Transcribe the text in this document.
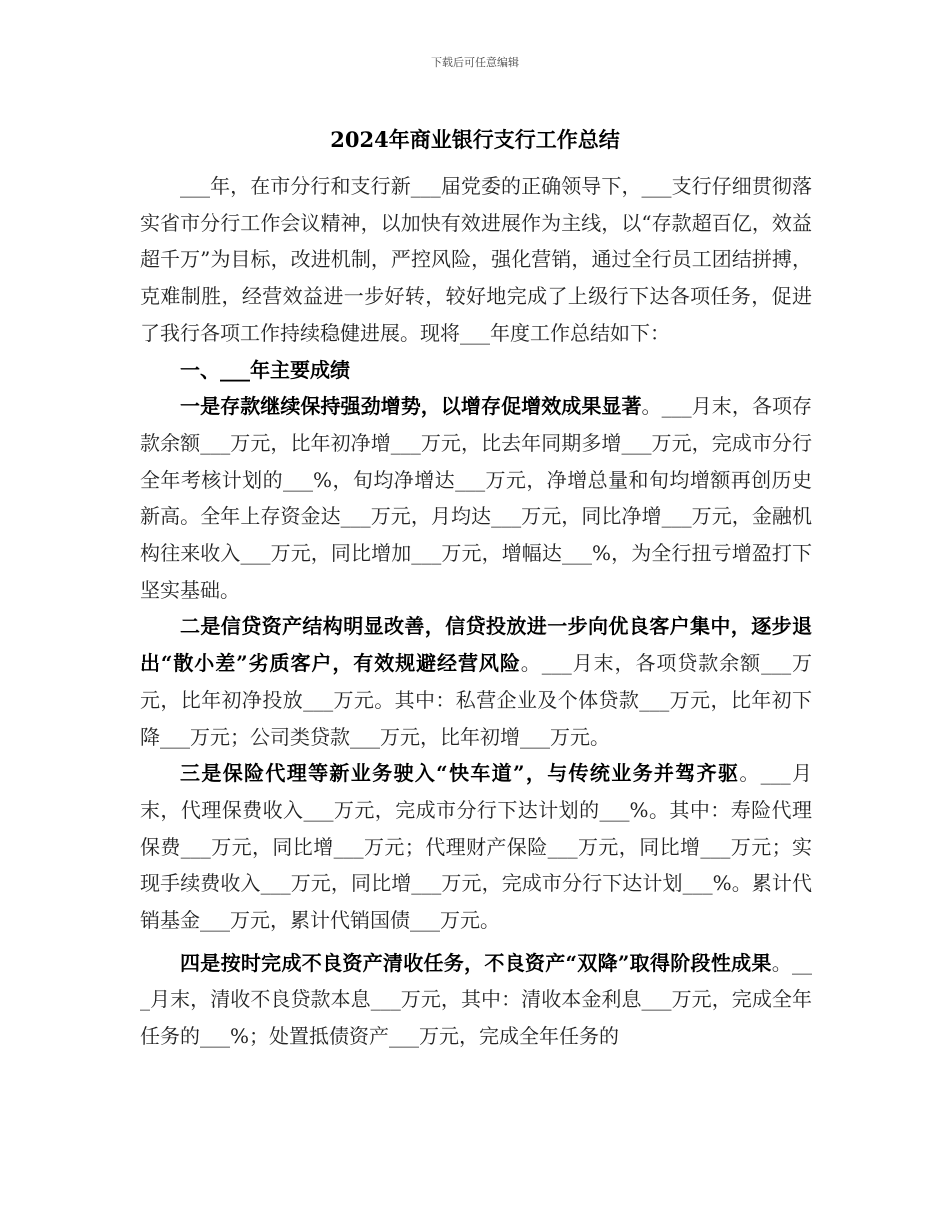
下载后可任意编辑
2024年商业银行支行工作总结

___年，在市分行和支行新___届党委的正确领导下，___支行仔细贯彻落实省市分行工作会议精神，以加快有效进展作为主线，以“存款超百亿，效益超千万”为目标，改进机制，严控风险，强化营销，通过全行员工团结拼搏，克难制胜，经营效益进一步好转，较好地完成了上级行下达各项任务，促进了我行各项工作持续稳健进展。现将___年度工作总结如下：

一、___年主要成绩

一是存款继续保持强劲增势，以增存促增效成果显著。___月末，各项存款余额___万元，比年初净增___万元，比去年同期多增___万元，完成市分行全年考核计划的___%，旬均净增达___万元，净增总量和旬均增额再创历史新高。全年上存资金达___万元，月均达___万元，同比净增___万元，金融机构往来收入___万元，同比增加___万元，增幅达___%，为全行扭亏增盈打下坚实基础。

二是信贷资产结构明显改善，信贷投放进一步向优良客户集中，逐步退出“散小差”劣质客户，有效规避经营风险。___月末，各项贷款余额___万元，比年初净投放___万元。其中：私营企业及个体贷款___万元，比年初下降___万元；公司类贷款___万元，比年初增___万元。

三是保险代理等新业务驶入“快车道”，与传统业务并驾齐驱。___月末，代理保费收入___万元，完成市分行下达计划的___%。其中：寿险代理保费___万元，同比增___万元；代理财产保险___万元，同比增___万元；实现手续费收入___万元，同比增___万元，完成市分行下达计划___%。累计代销基金___万元，累计代销国债___万元。

四是按时完成不良资产清收任务，不良资产“双降”取得阶段性成果。___月末，清收不良贷款本息___万元，其中：清收本金利息___万元，完成全年任务的___%；处置抵债资产___万元，完成全年任务的
